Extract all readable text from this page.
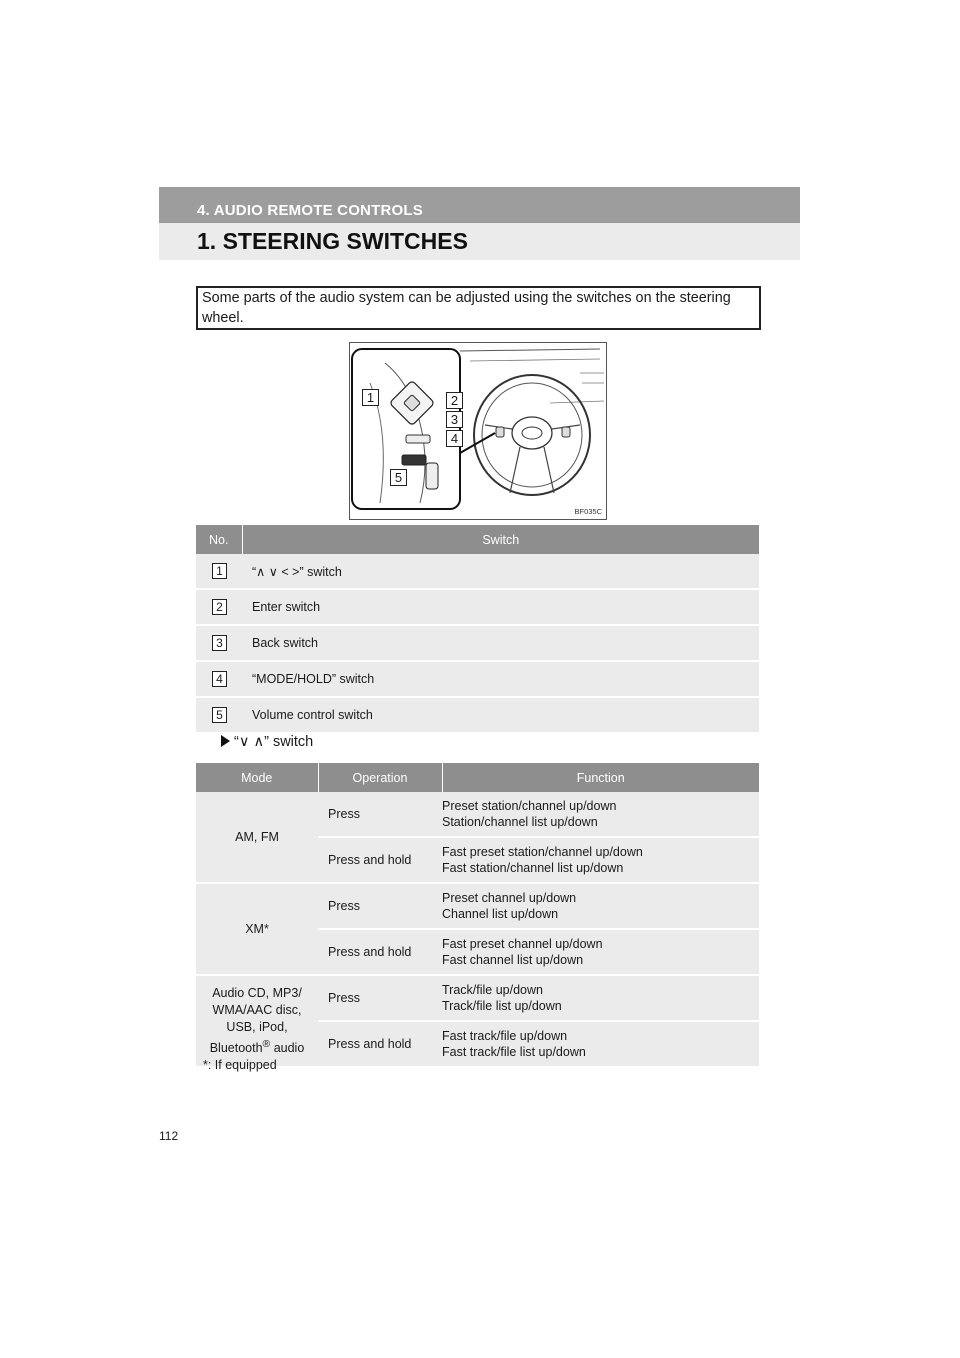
4. AUDIO REMOTE CONTROLS
1. STEERING SWITCHES
Some parts of the audio system can be adjusted using the switches on the steering wheel.
1	2
3
4
5
BF035C
No.	Switch

1	“∧ ∨ < >” switch

2	Enter switch

3	Back switch

4	“MODE/HOLD” switch

5	Volume control switch
“∨ ∧” switch
Mode	Operation	Function
AM, FM	Press	Preset station/channel up/down
Station/channel list up/down
	Press and hold	Fast preset station/channel up/down
Fast station/channel list up/down
XM*	Press	Preset channel up/down
Channel list up/down
	Press and hold	Fast preset channel up/down
Fast channel list up/down
Audio CD, MP3/
WMA/AAC disc,
USB, iPod,
Bluetooth® audio	Press	Track/file up/down
Track/file list up/down
	Press and hold	Fast track/file up/down
Fast track/file list up/down
*: If equipped
112
